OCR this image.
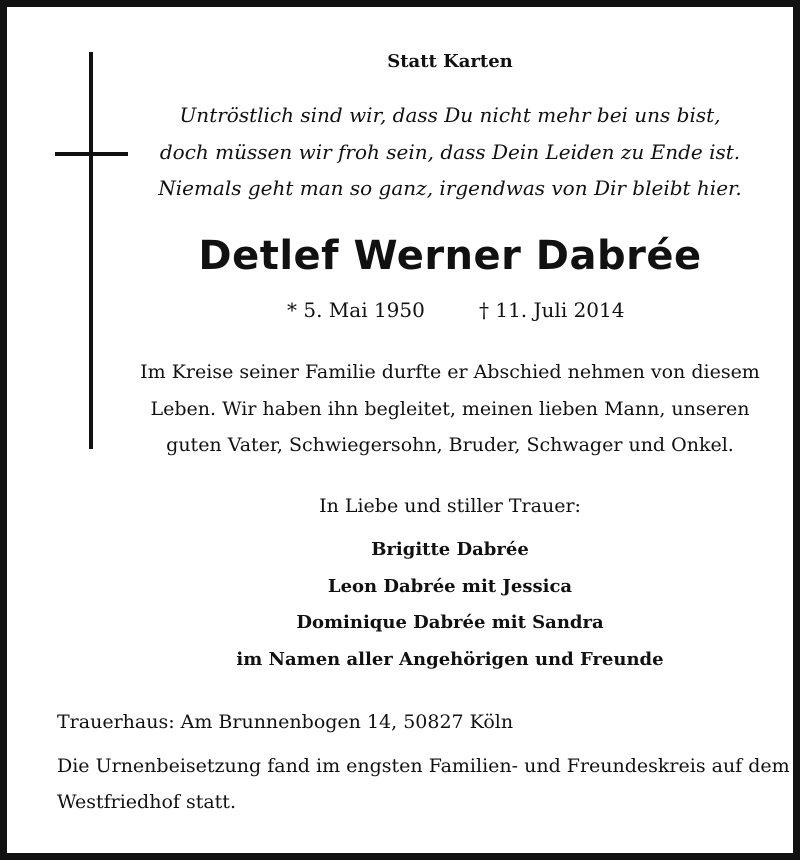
Statt Karten
Untröstlich sind wir, dass Du nicht mehr bei uns bist,
doch müssen wir froh sein, dass Dein Leiden zu Ende ist.
Niemals geht man so ganz, irgendwas von Dir bleibt hier.
Detlef Werner Dabrée
* 5. Mai 1950	† 11. Juli 2014
Im Kreise seiner Familie durfte er Abschied nehmen von diesem
Leben. Wir haben ihn begleitet, meinen lieben Mann, unseren
guten Vater, Schwiegersohn, Bruder, Schwager und Onkel.
In Liebe und stiller Trauer:
Brigitte Dabrée
Leon Dabrée mit Jessica
Dominique Dabrée mit Sandra
im Namen aller Angehörigen und Freunde
Trauerhaus: Am Brunnenbogen 14, 50827 Köln
Die Urnenbeisetzung fand im engsten Familien- und Freundeskreis auf dem
Westfriedhof statt.
